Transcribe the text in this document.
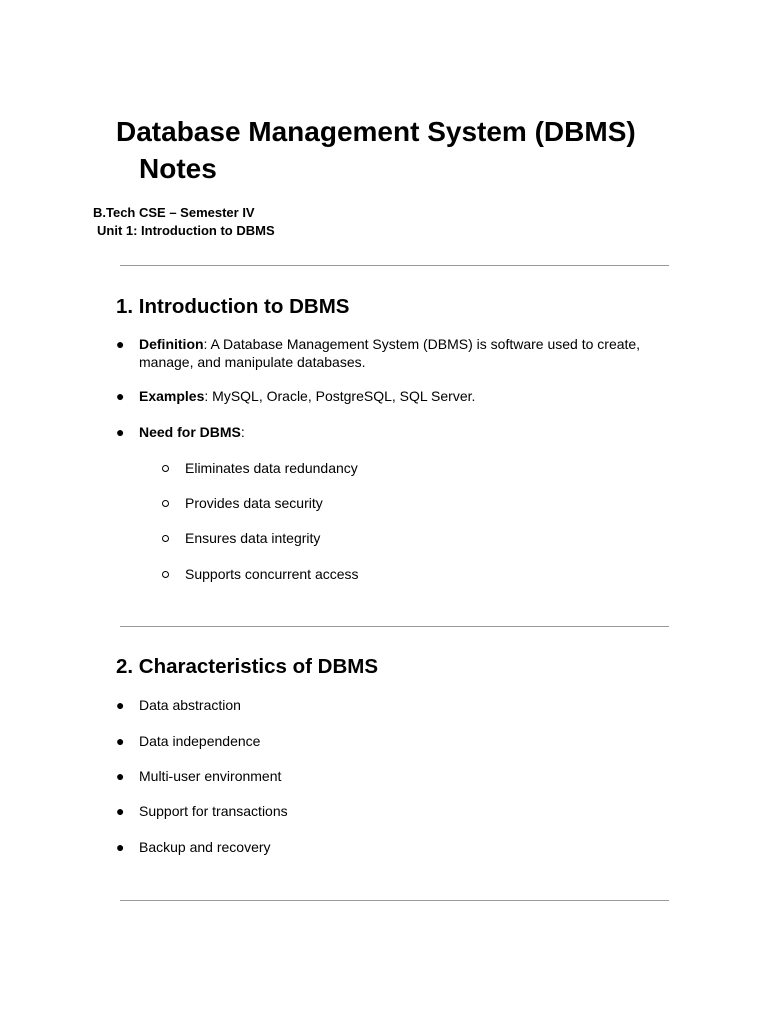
Database Management System (DBMS)
Notes

B.Tech CSE – Semester IV

Unit 1: Introduction to DBMS

1. Introduction to DBMS
● Definition: A Database Management System (DBMS) is software used to create, manage, and manipulate databases.
● Examples: MySQL, Oracle, PostgreSQL, SQL Server.
● Need for DBMS:
Eliminates data redundancy
Provides data security
Ensures data integrity
Supports concurrent access
2. Characteristics of DBMS
● Data abstraction
● Data independence
● Multi-user environment
● Support for transactions
● Backup and recovery
